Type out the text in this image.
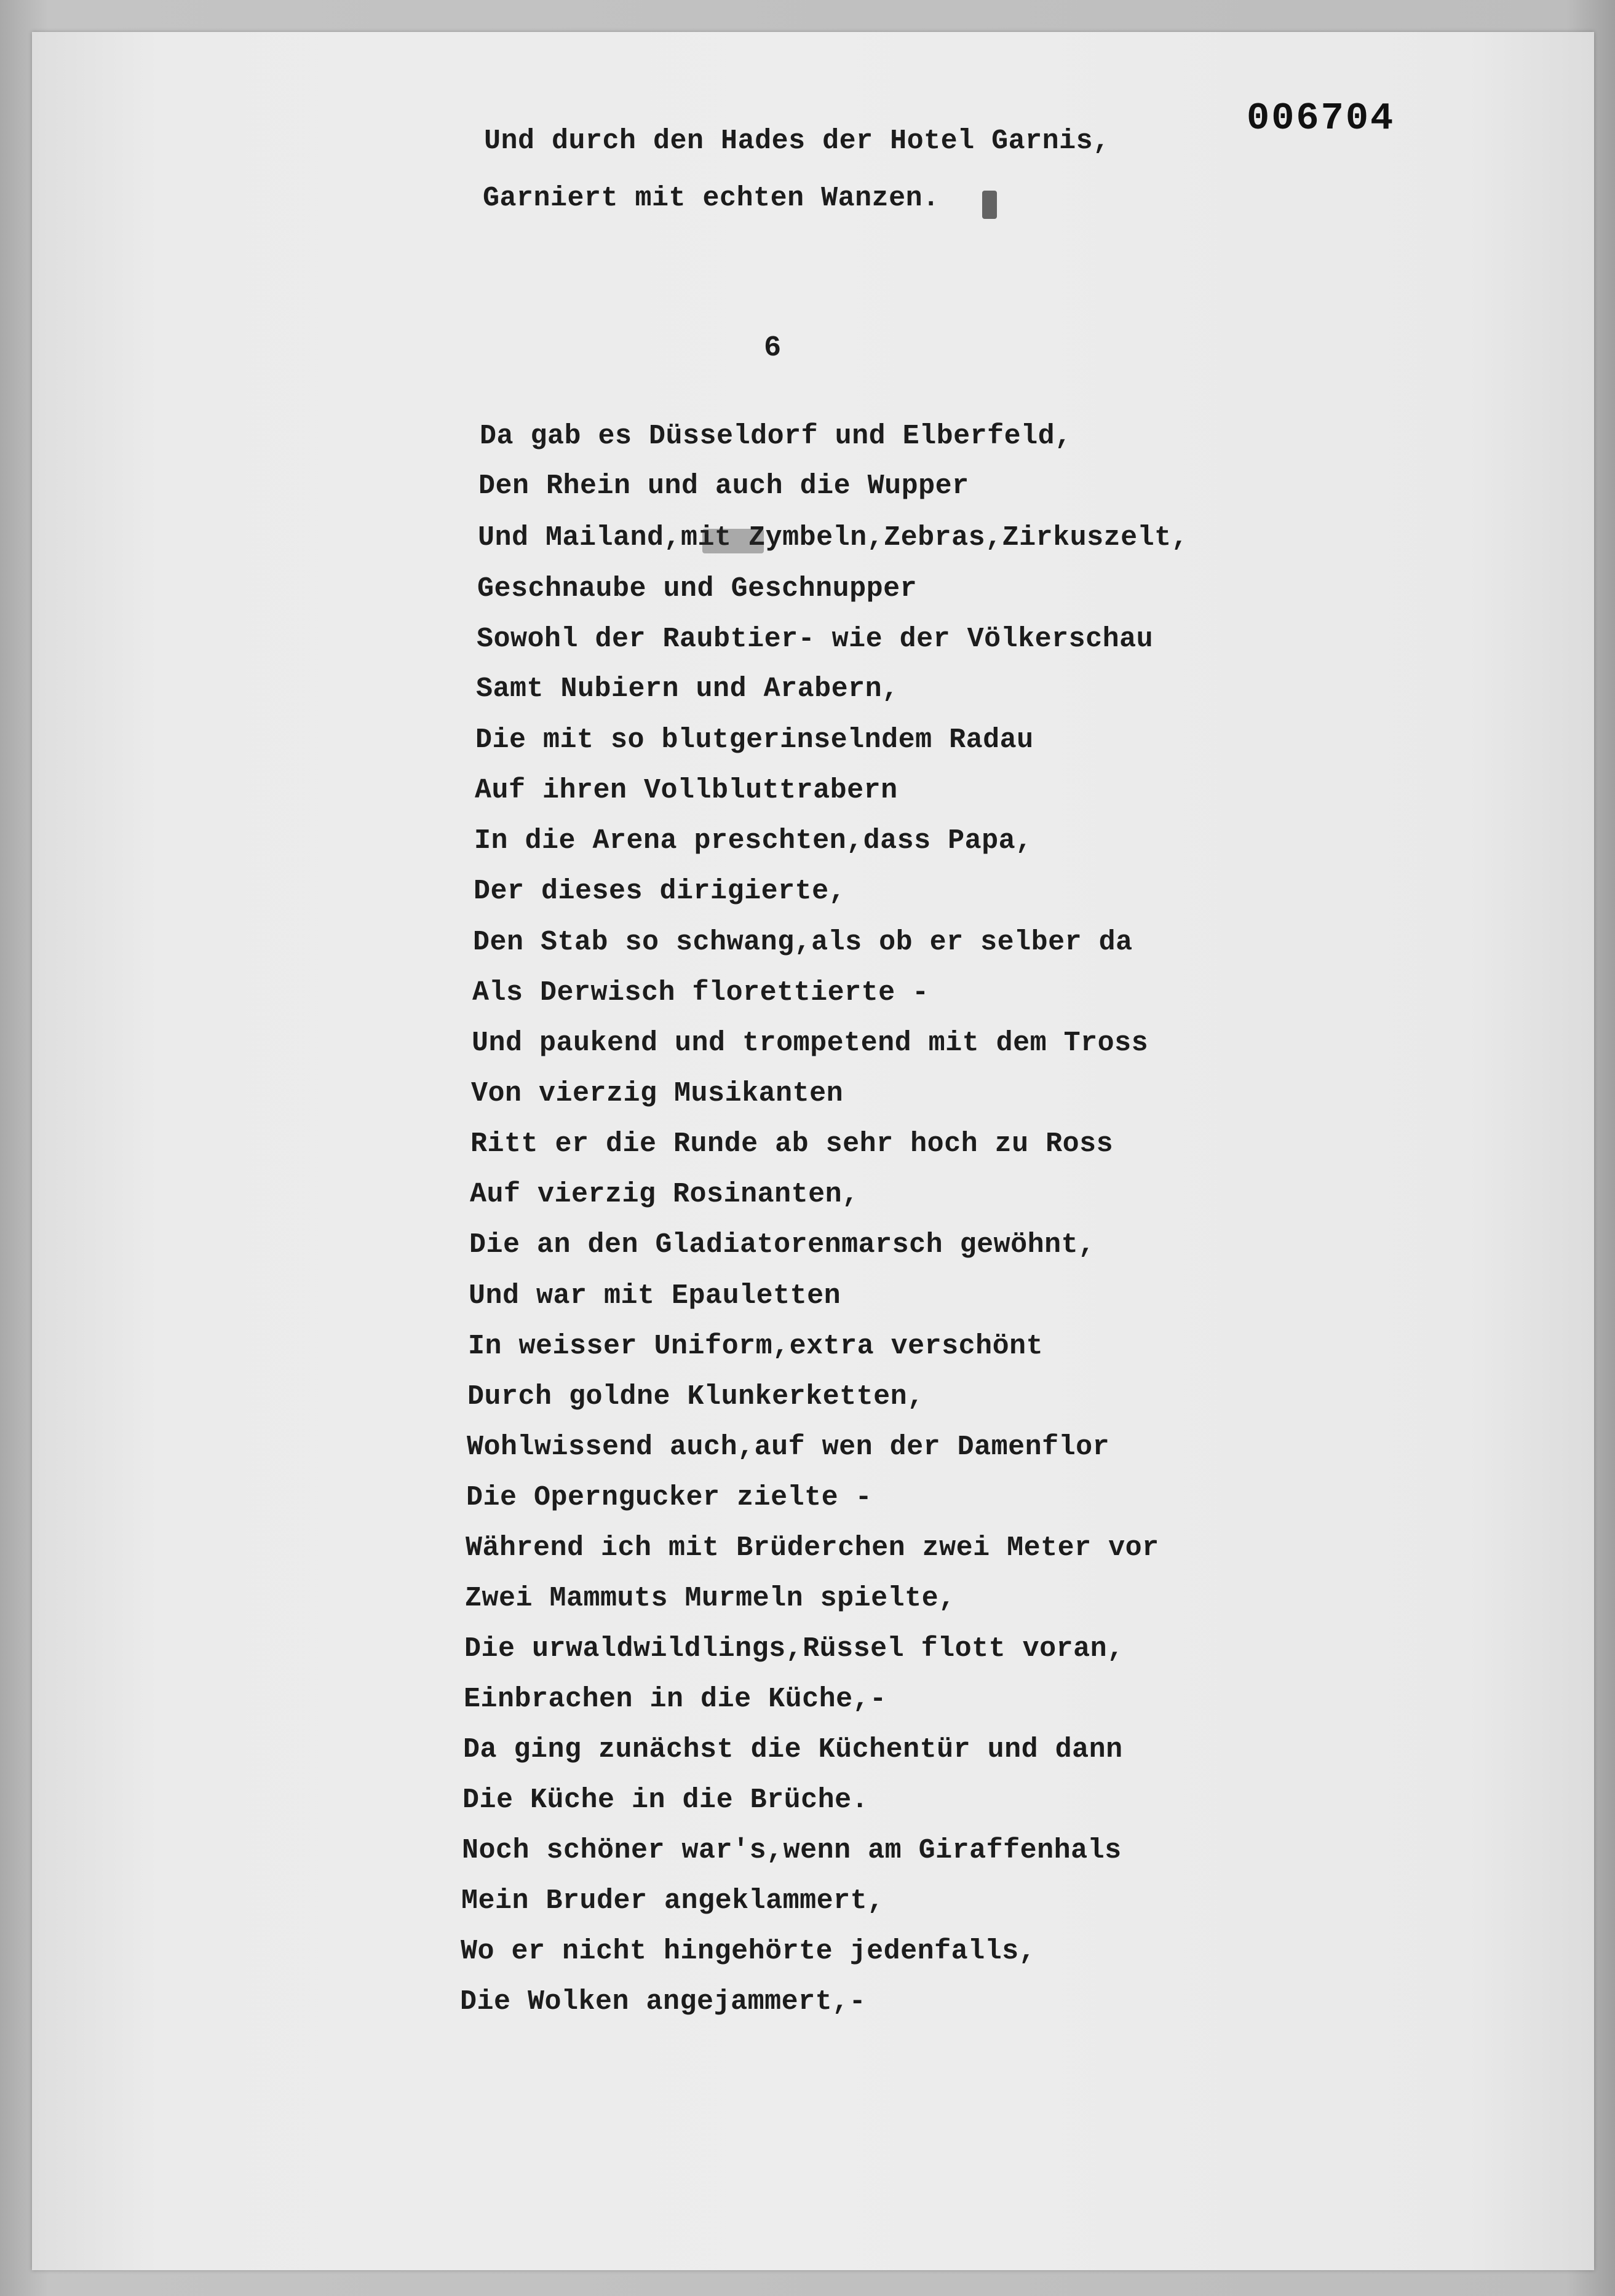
006704
Und durch den Hades der Hotel Garnis,
Garniert mit echten Wanzen.
6
Da gab es Düsseldorf und Elberfeld,
Den Rhein und auch die Wupper
Und Mailand,mit Zymbeln,Zebras,Zirkuszelt,
Geschnaube und Geschnupper
Sowohl der Raubtier- wie der Völkerschau
Samt Nubiern und Arabern,
Die mit so blutgerinselndem Radau
Auf ihren Vollbluttrabern
In die Arena preschten,dass Papa,
Der dieses dirigierte,
Den Stab so schwang,als ob er selber da
Als Derwisch florettierte -
Und paukend und trompetend mit dem Tross
Von vierzig Musikanten
Ritt er die Runde ab sehr hoch zu Ross
Auf vierzig Rosinanten,
Die an den Gladiatorenmarsch gewöhnt,
Und war mit Epauletten
In weisser Uniform,extra verschönt
Durch goldne Klunkerketten,
Wohlwissend auch,auf wen der Damenflor
Die Operngucker zielte -
Während ich mit Brüderchen zwei Meter vor
Zwei Mammuts Murmeln spielte,
Die urwaldwildlings,Rüssel flott voran,
Einbrachen in die Küche,-
Da ging zunächst die Küchentür und dann
Die Küche in die Brüche.
Noch schöner war's,wenn am Giraffenhals
Mein Bruder angeklammert,
Wo er nicht hingehörte jedenfalls,
Die Wolken angejammert,-
